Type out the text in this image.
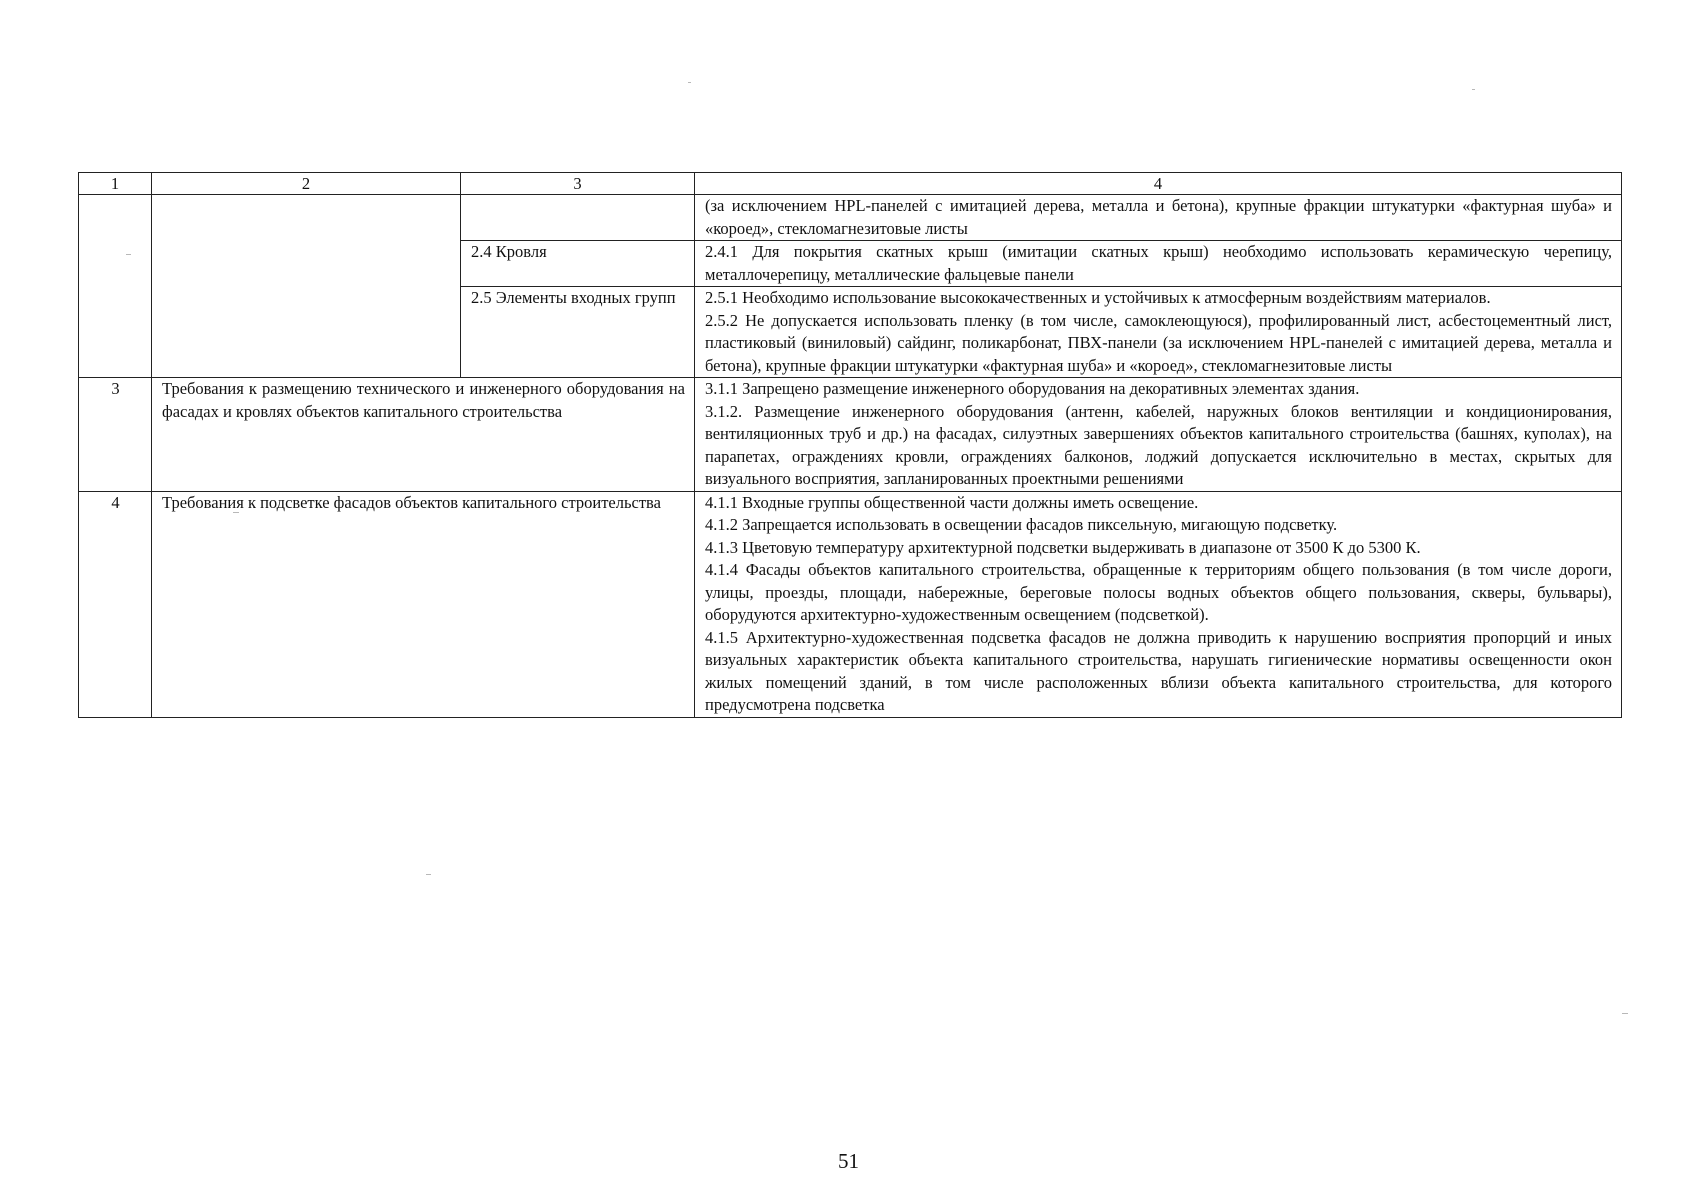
1	2	3	4

			(за исключением HPL-панелей с имитацией дерева, металла и бетона), крупные фракции штукатурки «фактурная шуба» и «короед», стекломагнезитовые листы

		2.4 Кровля	2.4.1 Для покрытия скатных крыш (имитации скатных крыш) необходимо использовать керамическую черепицу, металлочерепицу, металлические фальцевые панели

		2.5 Элементы входных групп	2.5.1 Необходимо использование высококачественных и устойчивых к атмосферным воздействиям материалов.
2.5.2 Не допускается использовать пленку (в том числе, самоклеющуюся), профилированный лист, асбестоцементный лист, пластиковый (виниловый) сайдинг, поликарбонат, ПВХ-панели (за исключением HPL-панелей с имитацией дерева, металла и бетона), крупные фракции штукатурки «фактурная шуба» и «короед», стекломагнезитовые листы

3	Требования к размещению технического и инженерного оборудования на фасадах и кровлях объектов капитального строительства		3.1.1 Запрещено размещение инженерного оборудования на декоративных элементах здания.
3.1.2. Размещение инженерного оборудования (антенн, кабелей, наружных блоков вентиляции и кондиционирования, вентиляционных труб и др.) на фасадах, силуэтных завершениях объектов капитального строительства (башнях, куполах), на парапетах, ограждениях кровли, ограждениях балконов, лоджий допускается исключительно в местах, скрытых для визуального восприятия, запланированных проектными решениями

4	Требования к подсветке фасадов объектов капитального строительства		4.1.1 Входные группы общественной части должны иметь освещение.
4.1.2 Запрещается использовать в освещении фасадов пиксельную, мигающую подсветку.
4.1.3 Цветовую температуру архитектурной подсветки выдерживать в диапазоне от 3500 К до 5300 К.
4.1.4 Фасады объектов капитального строительства, обращенные к территориям общего пользования (в том числе дороги, улицы, проезды, площади, набережные, береговые полосы водных объектов общего пользования, скверы, бульвары), оборудуются архитектурно-художественным освещением (подсветкой).
4.1.5 Архитектурно-художественная подсветка фасадов не должна приводить к нарушению восприятия пропорций и иных визуальных характеристик объекта капитального строительства, нарушать гигиенические нормативы освещенности окон жилых помещений зданий, в том числе расположенных вблизи объекта капитального строительства, для которого предусмотрена подсветка
51
